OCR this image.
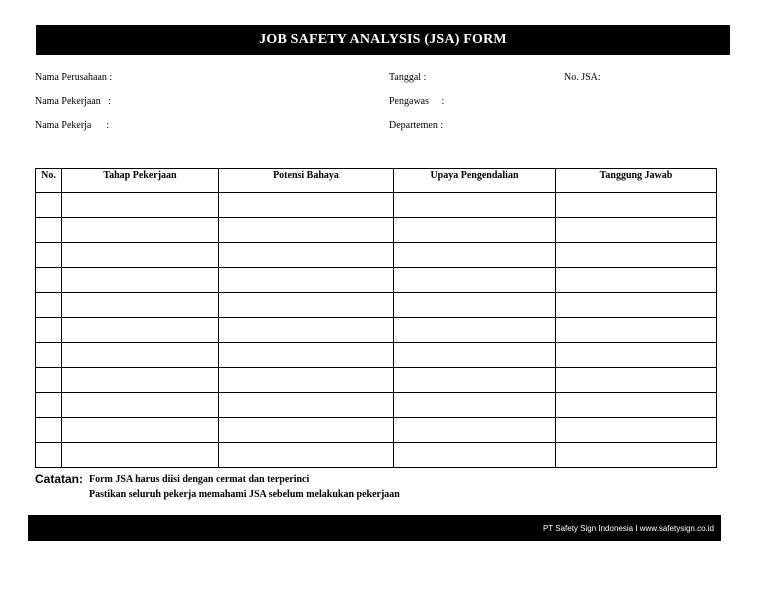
JOB SAFETY ANALYSIS (JSA) FORM
Nama Perusahaan :
Nama Pekerjaan   :
Nama Pekerja      :
Tanggal :
Pengawas     :
Departemen :
No. JSA:
No.	Tahap Pekerjaan	Potensi Bahaya	Upaya Pengendalian	Tanggung Jawab

Catatan: Form JSA harus diisi dengan cermat dan terperinci
Pastikan seluruh pekerja memahami JSA sebelum melakukan pekerjaan
PT Safety Sign Indonesia I www.safetysign.co.id
